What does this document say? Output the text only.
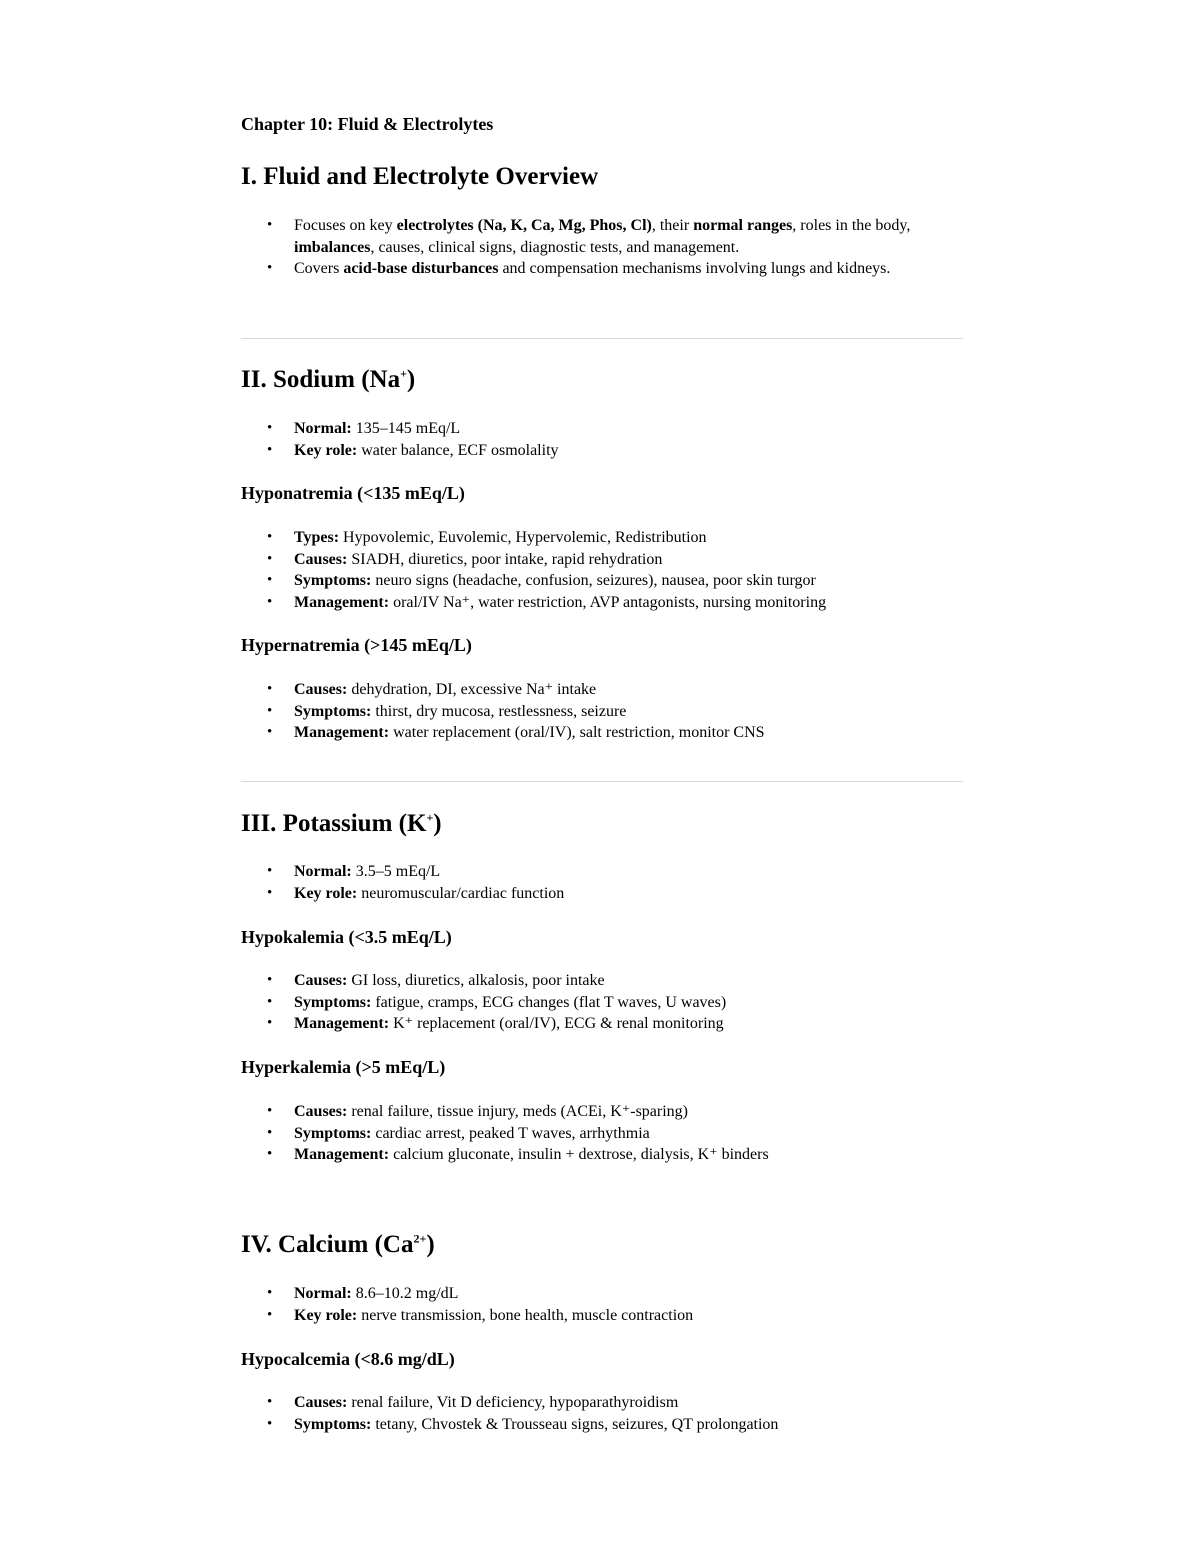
Chapter 10: Fluid & Electrolytes
I. Fluid and Electrolyte Overview
• Focuses on key electrolytes (Na, K, Ca, Mg, Phos, Cl), their normal ranges, roles in the body, imbalances, causes, clinical signs, diagnostic tests, and management.
• Covers acid-base disturbances and compensation mechanisms involving lungs and kidneys.
II. Sodium (Na+)
• Normal: 135–145 mEq/L
• Key role: water balance, ECF osmolality
Hyponatremia (<135 mEq/L)
• Types: Hypovolemic, Euvolemic, Hypervolemic, Redistribution
• Causes: SIADH, diuretics, poor intake, rapid rehydration
• Symptoms: neuro signs (headache, confusion, seizures), nausea, poor skin turgor
• Management: oral/IV Na⁺, water restriction, AVP antagonists, nursing monitoring
Hypernatremia (>145 mEq/L)
• Causes: dehydration, DI, excessive Na⁺ intake
• Symptoms: thirst, dry mucosa, restlessness, seizure
• Management: water replacement (oral/IV), salt restriction, monitor CNS
III. Potassium (K+)
• Normal: 3.5–5 mEq/L
• Key role: neuromuscular/cardiac function
Hypokalemia (<3.5 mEq/L)
• Causes: GI loss, diuretics, alkalosis, poor intake
• Symptoms: fatigue, cramps, ECG changes (flat T waves, U waves)
• Management: K⁺ replacement (oral/IV), ECG & renal monitoring
Hyperkalemia (>5 mEq/L)
• Causes: renal failure, tissue injury, meds (ACEi, K⁺-sparing)
• Symptoms: cardiac arrest, peaked T waves, arrhythmia
• Management: calcium gluconate, insulin + dextrose, dialysis, K⁺ binders
IV. Calcium $(Ca^{2+})$
• Normal: 8.6–10.2 mg/dL
• Key role: nerve transmission, bone health, muscle contraction
Hypocalcemia (<8.6 mg/dL)
• Causes: renal failure, Vit D deficiency, hypoparathyroidism
• Symptoms: tetany, Chvostek & Trousseau signs, seizures, QT prolongation
